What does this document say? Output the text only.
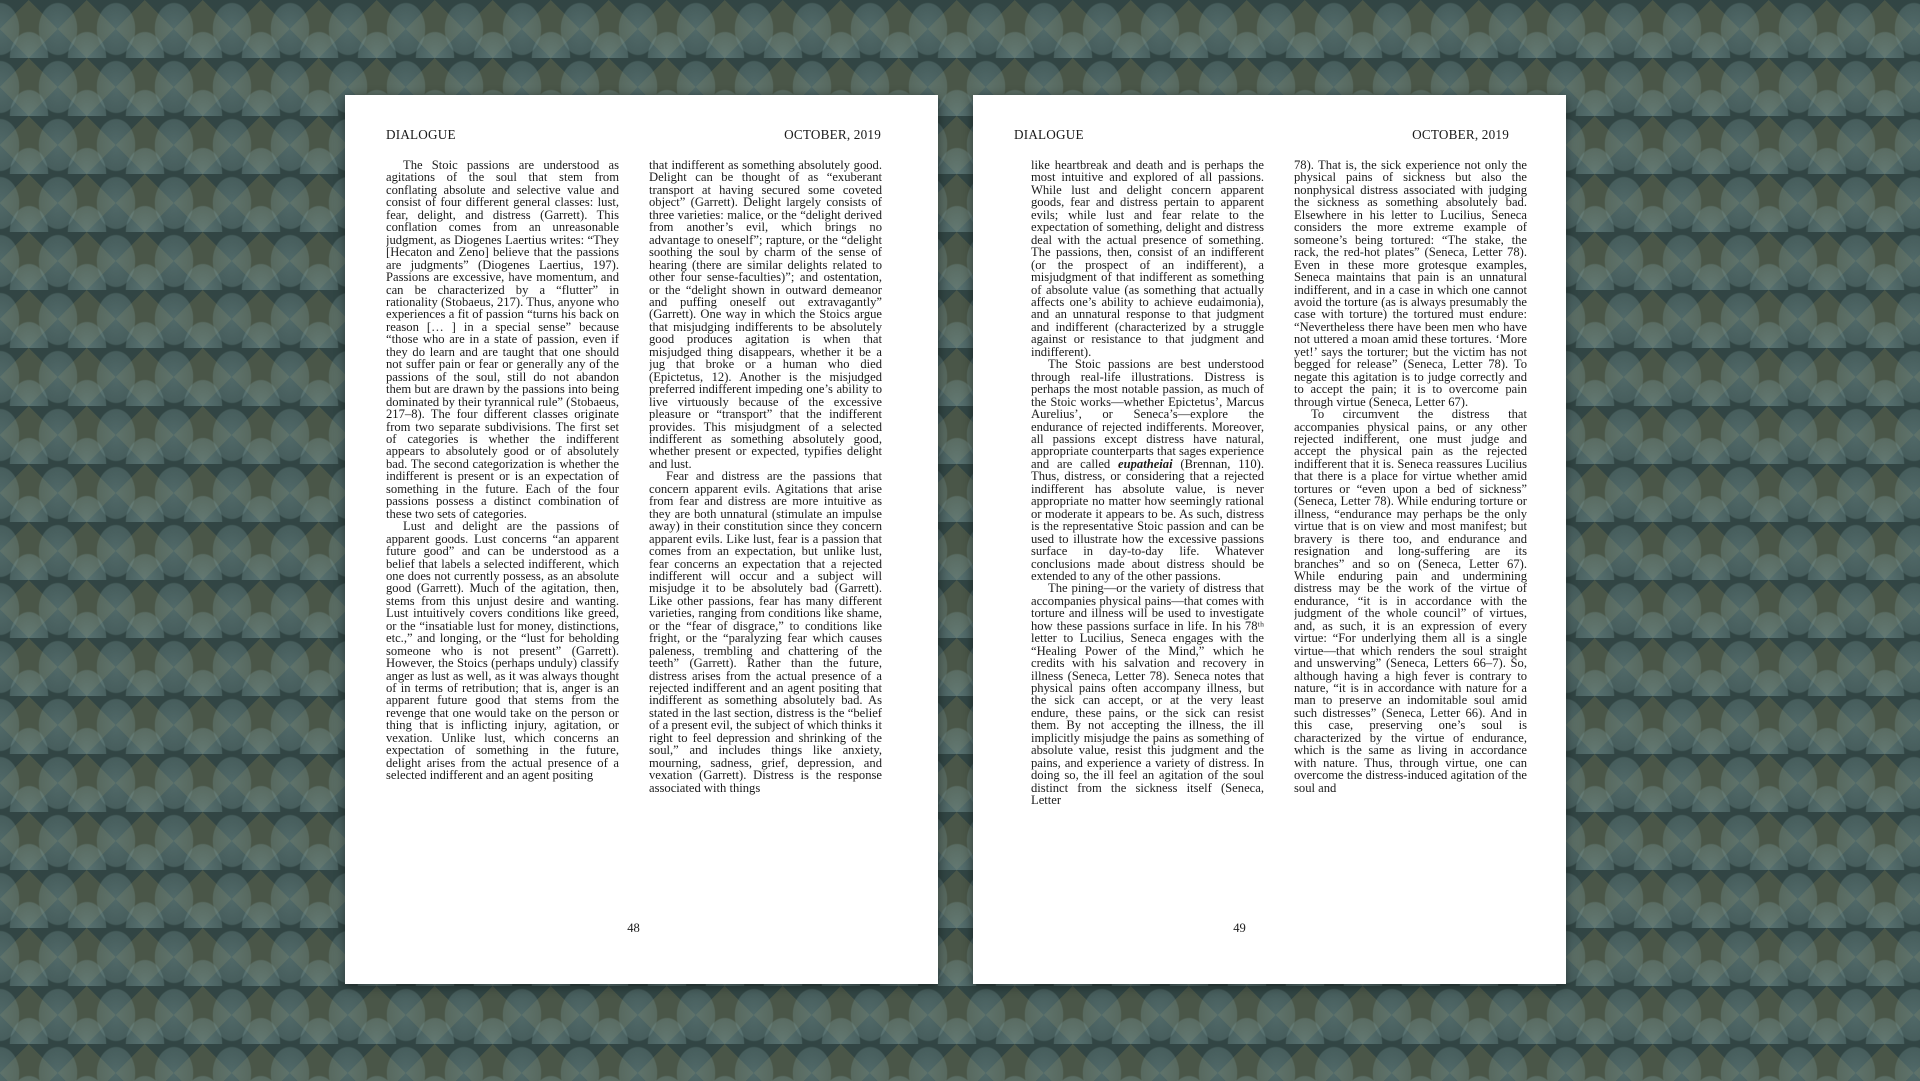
DIALOGUE	OCTOBER, 2019

The Stoic passions are understood as agitations of the soul that stem from conflating absolute and selective value and consist of four different general classes: lust, fear, delight, and distress (Garrett). This conflation comes from an unreasonable judgment, as Diogenes Laertius writes: “They [Hecaton and Zeno] believe that the passions are judgments” (Diogenes Laertius, 197). Passions are excessive, have momentum, and can be characterized by a “flutter” in rationality (Stobaeus, 217). Thus, anyone who experiences a fit of passion “turns his back on reason [… ] in a special sense” because “those who are in a state of passion, even if they do learn and are taught that one should not suffer pain or fear or generally any of the passions of the soul, still do not abandon them but are drawn by the passions into being dominated by their tyrannical rule” (Stobaeus, 217–8). The four different classes originate from two separate subdivisions. The first set of categories is whether the indifferent appears to absolutely good or of absolutely bad. The second categorization is whether the indifferent is present or is an expectation of something in the future. Each of the four passions possess a distinct combination of these two sets of categories.

Lust and delight are the passions of apparent goods. Lust concerns “an apparent future good” and can be understood as a belief that labels a selected indifferent, which one does not currently possess, as an absolute good (Garrett). Much of the agitation, then, stems from this unjust desire and wanting. Lust intuitively covers conditions like greed, or the “insatiable lust for money, distinctions, etc.,” and longing, or the “lust for beholding someone who is not present” (Garrett). However, the Stoics (perhaps unduly) classify anger as lust as well, as it was always thought of in terms of retribution; that is, anger is an apparent future good that stems from the revenge that one would take on the person or thing that is inflicting injury, agitation, or vexation. Unlike lust, which concerns an expectation of something in the future, delight arises from the actual presence of a selected indifferent and an agent positing

that indifferent as something absolutely good. Delight can be thought of as “exuberant transport at having secured some coveted object” (Garrett). Delight largely consists of three varieties: malice, or the “delight derived from another’s evil, which brings no advantage to oneself”; rapture, or the “delight soothing the soul by charm of the sense of hearing (there are similar delights related to other four sense-faculties)”; and ostentation, or the “delight shown in outward demeanor and puffing oneself out extravagantly” (Garrett). One way in which the Stoics argue that misjudging indifferents to be absolutely good produces agitation is when that misjudged thing disappears, whether it be a jug that broke or a human who died (Epictetus, 12). Another is the misjudged preferred indifferent impeding one’s ability to live virtuously because of the excessive pleasure or “transport” that the indifferent provides. This misjudgment of a selected indifferent as something absolutely good, whether present or expected, typifies delight and lust.

Fear and distress are the passions that concern apparent evils. Agitations that arise from fear and distress are more intuitive as they are both unnatural (stimulate an impulse away) in their constitution since they concern apparent evils. Like lust, fear is a passion that comes from an expectation, but unlike lust, fear concerns an expectation that a rejected indifferent will occur and a subject will misjudge it to be absolutely bad (Garrett). Like other passions, fear has many different varieties, ranging from conditions like shame, or the “fear of disgrace,” to conditions like fright, or the “paralyzing fear which causes paleness, trembling and chattering of the teeth” (Garrett). Rather than the future, distress arises from the actual presence of a rejected indifferent and an agent positing that indifferent as something absolutely bad. As stated in the last section, distress is the “belief of a present evil, the subject of which thinks it right to feel depression and shrinking of the soul,” and includes things like anxiety, mourning, sadness, grief, depression, and vexation (Garrett). Distress is the response associated with things

48
DIALOGUE	OCTOBER, 2019

like heartbreak and death and is perhaps the most intuitive and explored of all passions. While lust and delight concern apparent goods, fear and distress pertain to apparent evils; while lust and fear relate to the expectation of something, delight and distress deal with the actual presence of something. The passions, then, consist of an indifferent (or the prospect of an indifferent), a misjudgment of that indifferent as something of absolute value (as something that actually affects one’s ability to achieve eudaimonia), and an unnatural response to that judgment and indifferent (characterized by a struggle against or resistance to that judgment and indifferent).

The Stoic passions are best understood through real-life illustrations. Distress is perhaps the most notable passion, as much of the Stoic works—whether Epictetus’, Marcus Aurelius’, or Seneca’s—explore the endurance of rejected indifferents. Moreover, all passions except distress have natural, appropriate counterparts that sages experience and are called eupatheiai (Brennan, 110). Thus, distress, or considering that a rejected indifferent has absolute value, is never appropriate no matter how seemingly rational or moderate it appears to be. As such, distress is the representative Stoic passion and can be used to illustrate how the excessive passions surface in day-to-day life. Whatever conclusions made about distress should be extended to any of the other passions.

The pining—or the variety of distress that accompanies physical pains—that comes with torture and illness will be used to investigate how these passions surface in life. In his 78ᵗʰ letter to Lucilius, Seneca engages with the “Healing Power of the Mind,” which he credits with his salvation and recovery in illness (Seneca, Letter 78). Seneca notes that physical pains often accompany illness, but the sick can accept, or at the very least endure, these pains, or the sick can resist them. By not accepting the illness, the ill implicitly misjudge the pains as something of absolute value, resist this judgment and the pains, and experience a variety of distress. In doing so, the ill feel an agitation of the soul distinct from the sickness itself (Seneca, Letter

78). That is, the sick experience not only the physical pains of sickness but also the nonphysical distress associated with judging the sickness as something absolutely bad. Elsewhere in his letter to Lucilius, Seneca considers the more extreme example of someone’s being tortured: “The stake, the rack, the red-hot plates” (Seneca, Letter 78). Even in these more grotesque examples, Seneca maintains that pain is an unnatural indifferent, and in a case in which one cannot avoid the torture (as is always presumably the case with torture) the tortured must endure: “Nevertheless there have been men who have not uttered a moan amid these tortures. ‘More yet!’ says the torturer; but the victim has not begged for release” (Seneca, Letter 78). To negate this agitation is to judge correctly and to accept the pain; it is to overcome pain through virtue (Seneca, Letter 67).

To circumvent the distress that accompanies physical pains, or any other rejected indifferent, one must judge and accept the physical pain as the rejected indifferent that it is. Seneca reassures Lucilius that there is a place for virtue whether amid tortures or “even upon a bed of sickness” (Seneca, Letter 78). While enduring torture or illness, “endurance may perhaps be the only virtue that is on view and most manifest; but bravery is there too, and endurance and resignation and long-suffering are its branches” and so on (Seneca, Letter 67). While enduring pain and undermining distress may be the work of the virtue of endurance, “it is in accordance with the judgment of the whole council” of virtues, and, as such, it is an expression of every virtue: “For underlying them all is a single virtue—that which renders the soul straight and unswerving” (Seneca, Letters 66–7). So, although having a high fever is contrary to nature, “it is in accordance with nature for a man to preserve an indomitable soul amid such distresses” (Seneca, Letter 66). And in this case, preserving one’s soul is characterized by the virtue of endurance, which is the same as living in accordance with nature. Thus, through virtue, one can overcome the distress-induced agitation of the soul and

49
